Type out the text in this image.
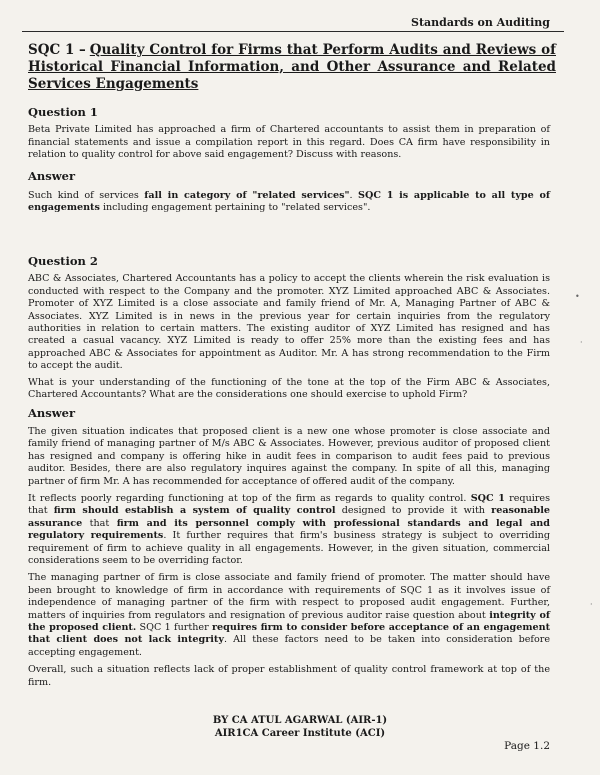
Standards on Auditing
SQC 1 – Quality Control for Firms that Perform Audits and Reviews of Historical Financial Information, and Other Assurance and Related Services Engagements
Question 1

Beta Private Limited has approached a firm of Chartered accountants to assist them in preparation of financial statements and issue a compilation report in this regard. Does CA firm have responsibility in relation to quality control for above said engagement? Discuss with reasons.

Answer

Such kind of services fall in category of "related services". SQC 1 is applicable to all type of engagements including engagement pertaining to "related services".

Question 2

ABC & Associates, Chartered Accountants has a policy to accept the clients wherein the risk evaluation is conducted with respect to the Company and the promoter. XYZ Limited approached ABC & Associates. Promoter of XYZ Limited is a close associate and family friend of Mr. A, Managing Partner of ABC & Associates. XYZ Limited is in news in the previous year for certain inquiries from the regulatory authorities in relation to certain matters. The existing auditor of XYZ Limited has resigned and has created a casual vacancy. XYZ Limited is ready to offer 25% more than the existing fees and has approached ABC & Associates for appointment as Auditor. Mr. A has strong recommendation to the Firm to accept the audit.

What is your understanding of the functioning of the tone at the top of the Firm ABC & Associates, Chartered Accountants? What are the considerations one should exercise to uphold Firm?

Answer

The given situation indicates that proposed client is a new one whose promoter is close associate and family friend of managing partner of M/s ABC & Associates. However, previous auditor of proposed client has resigned and company is offering hike in audit fees in comparison to audit fees paid to previous auditor. Besides, there are also regulatory inquires against the company. In spite of all this, managing partner of firm Mr. A has recommended for acceptance of offered audit of the company.

It reflects poorly regarding functioning at top of the firm as regards to quality control. SQC 1 requires that firm should establish a system of quality control designed to provide it with reasonable assurance that firm and its personnel comply with professional standards and legal and regulatory requirements. It further requires that firm's business strategy is subject to overriding requirement of firm to achieve quality in all engagements. However, in the given situation, commercial considerations seem to be overriding factor.

The managing partner of firm is close associate and family friend of promoter. The matter should have been brought to knowledge of firm in accordance with requirements of SQC 1 as it involves issue of independence of managing partner of the firm with respect to proposed audit engagement. Further, matters of inquiries from regulators and resignation of previous auditor raise question about integrity of the proposed client. SQC 1 further requires firm to consider before acceptance of an engagement that client does not lack integrity. All these factors need to be taken into consideration before accepting engagement.

Overall, such a situation reflects lack of proper establishment of quality control framework at top of the firm.

BY CA ATUL AGARWAL (AIR-1)
AIR1CA Career Institute (ACI)
Page 1.2
•
·
·
